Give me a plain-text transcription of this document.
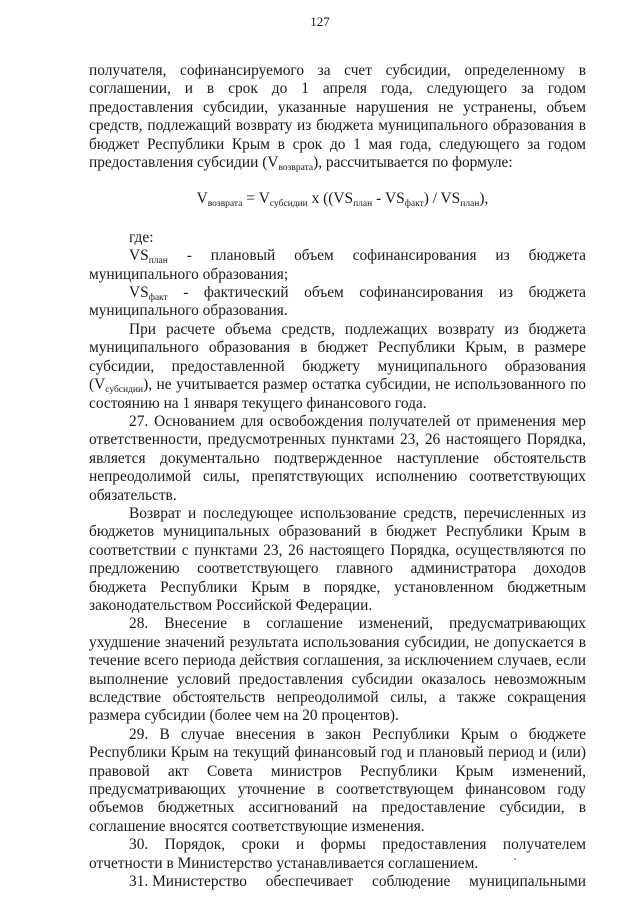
127

получателя, софинансируемого за счет субсидии, определенному в соглашении, и в срок до 1 апреля года, следующего за годом предоставления субсидии, указанные нарушения не устранены, объем средств, подлежащий возврату из бюджета муниципального образования в бюджет Республики Крым в срок до 1 мая года, следующего за годом предоставления субсидии $(V_{возврата})$, рассчитывается по формуле:

$V_{возврата} = V_{субсидии}$ x $((VS_{план} - VS_{факт}) / VS_{план})$,
где:
$VS_{план}$ - плановый объем софинансирования из бюджета
муниципального образования;
$VS_{факт}$ - фактический объем софинансирования из бюджета
муниципального образования.

При расчете объема средств, подлежащих возврату из бюджета муниципального образования в бюджет Республики Крым, в размере субсидии, предоставленной бюджету муниципального образования $(V_{субсидии})$, не учитывается размер остатка субсидии, не использованного по состоянию на 1 января текущего финансового года.

27. Основанием для освобождения получателей от применения мер ответственности, предусмотренных пунктами 23, 26 настоящего Порядка, является документально подтвержденное наступление обстоятельств непреодолимой силы, препятствующих исполнению соответствующих обязательств.

Возврат и последующее использование средств, перечисленных из бюджетов муниципальных образований в бюджет Республики Крым в соответствии с пунктами 23, 26 настоящего Порядка, осуществляются по предложению соответствующего главного администратора доходов бюджета Республики Крым в порядке, установленном бюджетным законодательством Российской Федерации.

28. Внесение в соглашение изменений, предусматривающих ухудшение значений результата использования субсидии, не допускается в течение всего периода действия соглашения, за исключением случаев, если выполнение условий предоставления субсидии оказалось невозможным вследствие обстоятельств непреодолимой силы, а также сокращения размера субсидии (более чем на 20 процентов).

29. В случае внесения в закон Республики Крым о бюджете Республики Крым на текущий финансовый год и плановый период и (или) правовой акт Совета министров Республики Крым изменений, предусматривающих уточнение в соответствующем финансовом году объемов бюджетных ассигнований на предоставление субсидии, в соглашение вносятся соответствующие изменения.

30. Порядок, сроки и формы предоставления получателем отчетности в Министерство устанавливается соглашением.

31. Министерство обеспечивает соблюдение муниципальными
